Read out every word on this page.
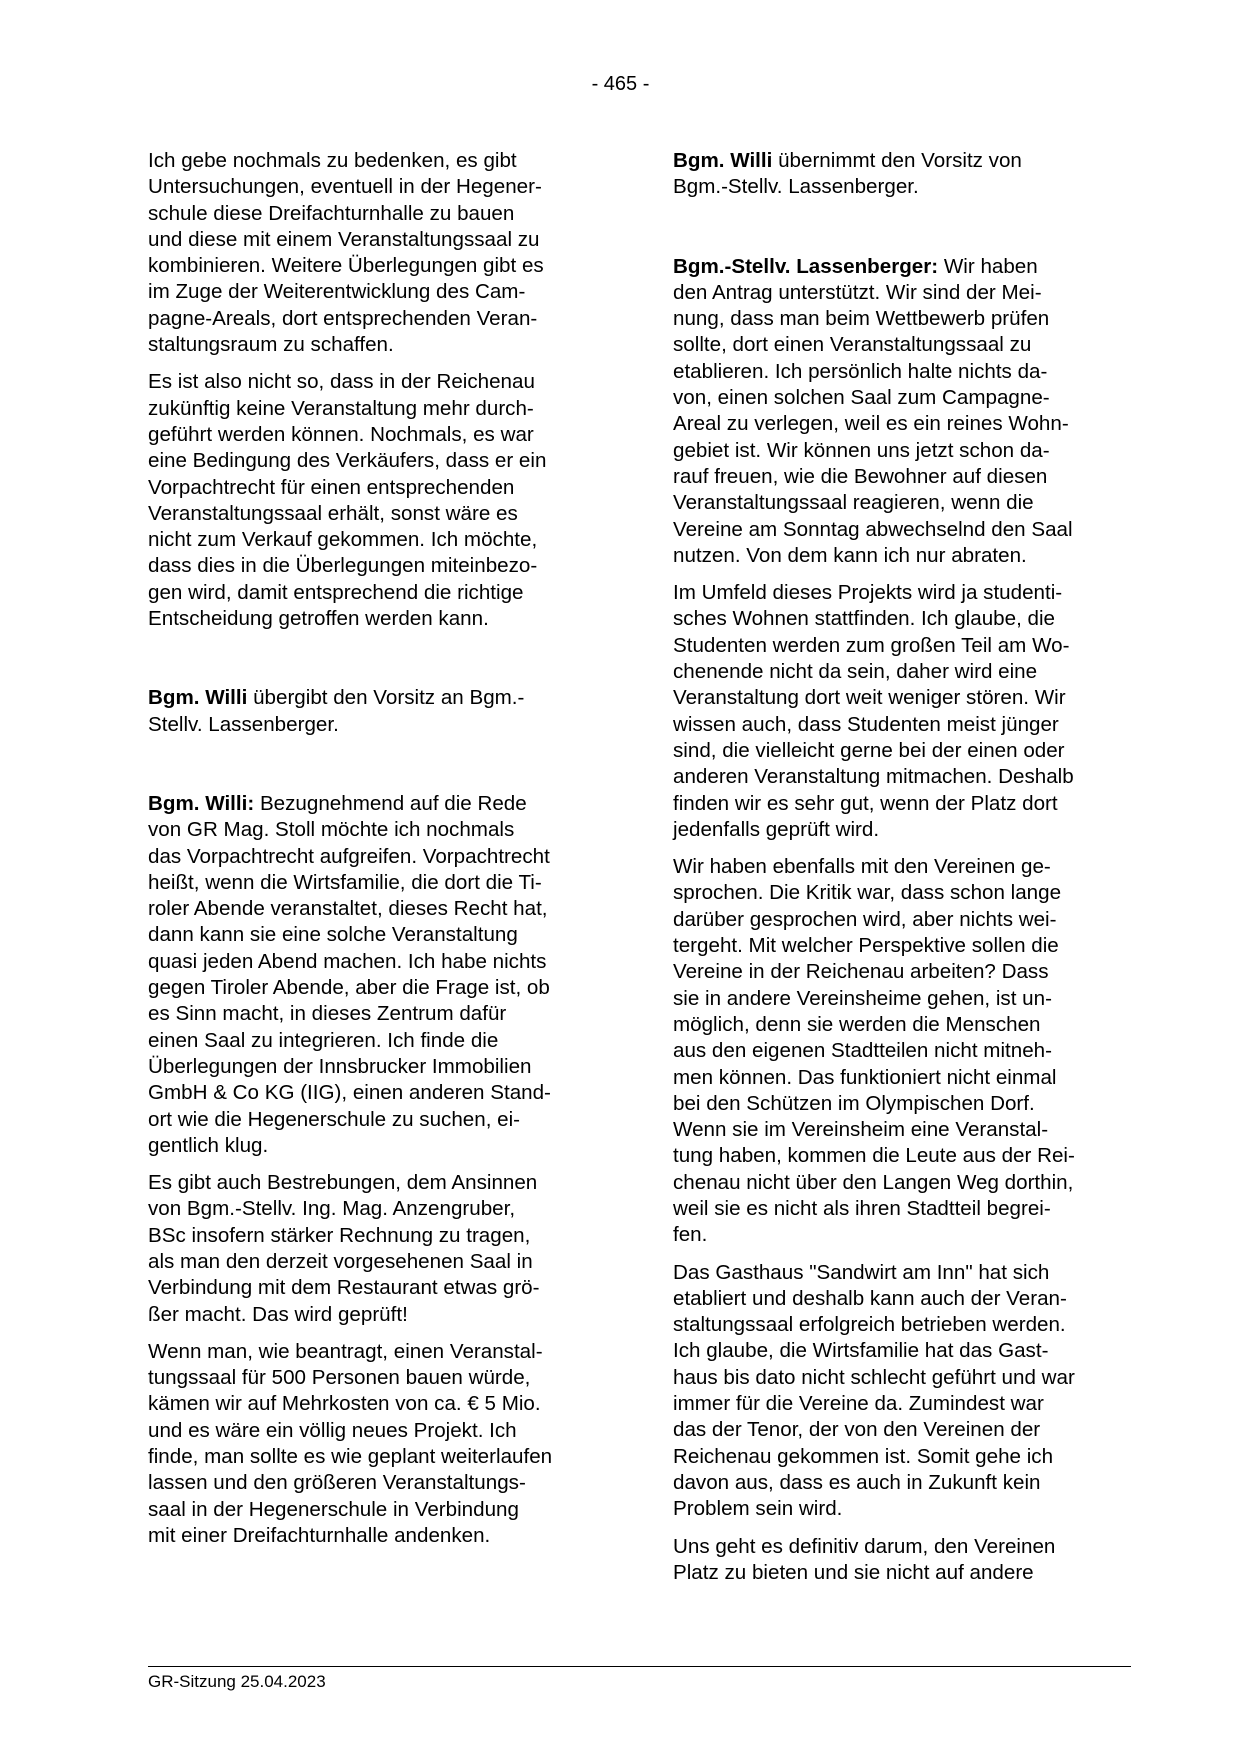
- 465 -

Ich gebe nochmals zu bedenken, es gibt
Untersuchungen, eventuell in der Hegener-
schule diese Dreifachturnhalle zu bauen
und diese mit einem Veranstaltungssaal zu
kombinieren. Weitere Überlegungen gibt es
im Zuge der Weiterentwicklung des Cam-
pagne-Areals, dort entsprechenden Veran-
staltungsraum zu schaffen.

Es ist also nicht so, dass in der Reichenau
zukünftig keine Veranstaltung mehr durch-
geführt werden können. Nochmals, es war
eine Bedingung des Verkäufers, dass er ein
Vorpachtrecht für einen entsprechenden
Veranstaltungssaal erhält, sonst wäre es
nicht zum Verkauf gekommen. Ich möchte,
dass dies in die Überlegungen miteinbezo-
gen wird, damit entsprechend die richtige
Entscheidung getroffen werden kann.

Bgm. Willi übergibt den Vorsitz an Bgm.-
Stellv. Lassenberger.

Bgm. Willi: Bezugnehmend auf die Rede
von GR Mag. Stoll möchte ich nochmals
das Vorpachtrecht aufgreifen. Vorpachtrecht
heißt, wenn die Wirtsfamilie, die dort die Ti-
roler Abende veranstaltet, dieses Recht hat,
dann kann sie eine solche Veranstaltung
quasi jeden Abend machen. Ich habe nichts
gegen Tiroler Abende, aber die Frage ist, ob
es Sinn macht, in dieses Zentrum dafür
einen Saal zu integrieren. Ich finde die
Überlegungen der Innsbrucker Immobilien
GmbH & Co KG (IIG), einen anderen Stand-
ort wie die Hegenerschule zu suchen, ei-
gentlich klug.

Es gibt auch Bestrebungen, dem Ansinnen
von Bgm.-Stellv. Ing. Mag. Anzengruber,
BSc insofern stärker Rechnung zu tragen,
als man den derzeit vorgesehenen Saal in
Verbindung mit dem Restaurant etwas grö-
ßer macht. Das wird geprüft!

Wenn man, wie beantragt, einen Veranstal-
tungssaal für 500 Personen bauen würde,
kämen wir auf Mehrkosten von ca. € 5 Mio.
und es wäre ein völlig neues Projekt. Ich
finde, man sollte es wie geplant weiterlaufen
lassen und den größeren Veranstaltungs-
saal in der Hegenerschule in Verbindung
mit einer Dreifachturnhalle andenken.

Bgm. Willi übernimmt den Vorsitz von
Bgm.-Stellv. Lassenberger.

Bgm.-Stellv. Lassenberger: Wir haben
den Antrag unterstützt. Wir sind der Mei-
nung, dass man beim Wettbewerb prüfen
sollte, dort einen Veranstaltungssaal zu
etablieren. Ich persönlich halte nichts da-
von, einen solchen Saal zum Campagne-
Areal zu verlegen, weil es ein reines Wohn-
gebiet ist. Wir können uns jetzt schon da-
rauf freuen, wie die Bewohner auf diesen
Veranstaltungssaal reagieren, wenn die
Vereine am Sonntag abwechselnd den Saal
nutzen. Von dem kann ich nur abraten.

Im Umfeld dieses Projekts wird ja studenti-
sches Wohnen stattfinden. Ich glaube, die
Studenten werden zum großen Teil am Wo-
chenende nicht da sein, daher wird eine
Veranstaltung dort weit weniger stören. Wir
wissen auch, dass Studenten meist jünger
sind, die vielleicht gerne bei der einen oder
anderen Veranstaltung mitmachen. Deshalb
finden wir es sehr gut, wenn der Platz dort
jedenfalls geprüft wird.

Wir haben ebenfalls mit den Vereinen ge-
sprochen. Die Kritik war, dass schon lange
darüber gesprochen wird, aber nichts wei-
tergeht. Mit welcher Perspektive sollen die
Vereine in der Reichenau arbeiten? Dass
sie in andere Vereinsheime gehen, ist un-
möglich, denn sie werden die Menschen
aus den eigenen Stadtteilen nicht mitneh-
men können. Das funktioniert nicht einmal
bei den Schützen im Olympischen Dorf.
Wenn sie im Vereinsheim eine Veranstal-
tung haben, kommen die Leute aus der Rei-
chenau nicht über den Langen Weg dorthin,
weil sie es nicht als ihren Stadtteil begrei-
fen.

Das Gasthaus "Sandwirt am Inn" hat sich
etabliert und deshalb kann auch der Veran-
staltungssaal erfolgreich betrieben werden.
Ich glaube, die Wirtsfamilie hat das Gast-
haus bis dato nicht schlecht geführt und war
immer für die Vereine da. Zumindest war
das der Tenor, der von den Vereinen der
Reichenau gekommen ist. Somit gehe ich
davon aus, dass es auch in Zukunft kein
Problem sein wird.

Uns geht es definitiv darum, den Vereinen
Platz zu bieten und sie nicht auf andere

GR-Sitzung 25.04.2023
